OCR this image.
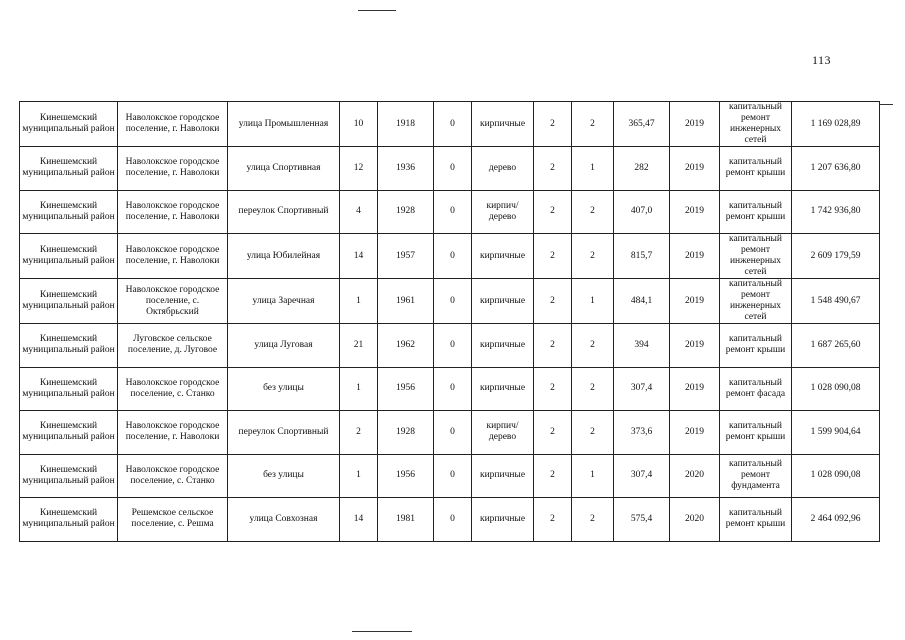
113
Кинешемский муниципальный район	Наволокское городское поселение, г. Наволоки	улица Промышленная	10	1918	0	кирпичные	2	2	365,47	2019	капитальный ремонт инженерных сетей	1 169 028,89
Кинешемский муниципальный район	Наволокское городское поселение, г. Наволоки	улица Спортивная	12	1936	0	дерево	2	1	282	2019	капитальный ремонт крыши	1 207 636,80
Кинешемский муниципальный район	Наволокское городское поселение, г. Наволоки	переулок Спортивный	4	1928	0	кирпич/дерево	2	2	407,0	2019	капитальный ремонт крыши	1 742 936,80
Кинешемский муниципальный район	Наволокское городское поселение, г. Наволоки	улица Юбилейная	14	1957	0	кирпичные	2	2	815,7	2019	капитальный ремонт инженерных сетей	2 609 179,59
Кинешемский муниципальный район	Наволокское городское поселение, с. Октябрьский	улица Заречная	1	1961	0	кирпичные	2	1	484,1	2019	капитальный ремонт инженерных сетей	1 548 490,67
Кинешемский муниципальный район	Луговское сельское поселение, д. Луговое	улица Луговая	21	1962	0	кирпичные	2	2	394	2019	капитальный ремонт крыши	1 687 265,60
Кинешемский муниципальный район	Наволокское городское поселение, с. Станко	без улицы	1	1956	0	кирпичные	2	2	307,4	2019	капитальный ремонт фасада	1 028 090,08
Кинешемский муниципальный район	Наволокское городское поселение, г. Наволоки	переулок Спортивный	2	1928	0	кирпич/дерево	2	2	373,6	2019	капитальный ремонт крыши	1 599 904,64
Кинешемский муниципальный район	Наволокское городское поселение, с. Станко	без улицы	1	1956	0	кирпичные	2	1	307,4	2020	капитальный ремонт фундамента	1 028 090,08
Кинешемский муниципальный район	Решемское сельское поселение, с. Решма	улица Совхозная	14	1981	0	кирпичные	2	2	575,4	2020	капитальный ремонт крыши	2 464 092,96
